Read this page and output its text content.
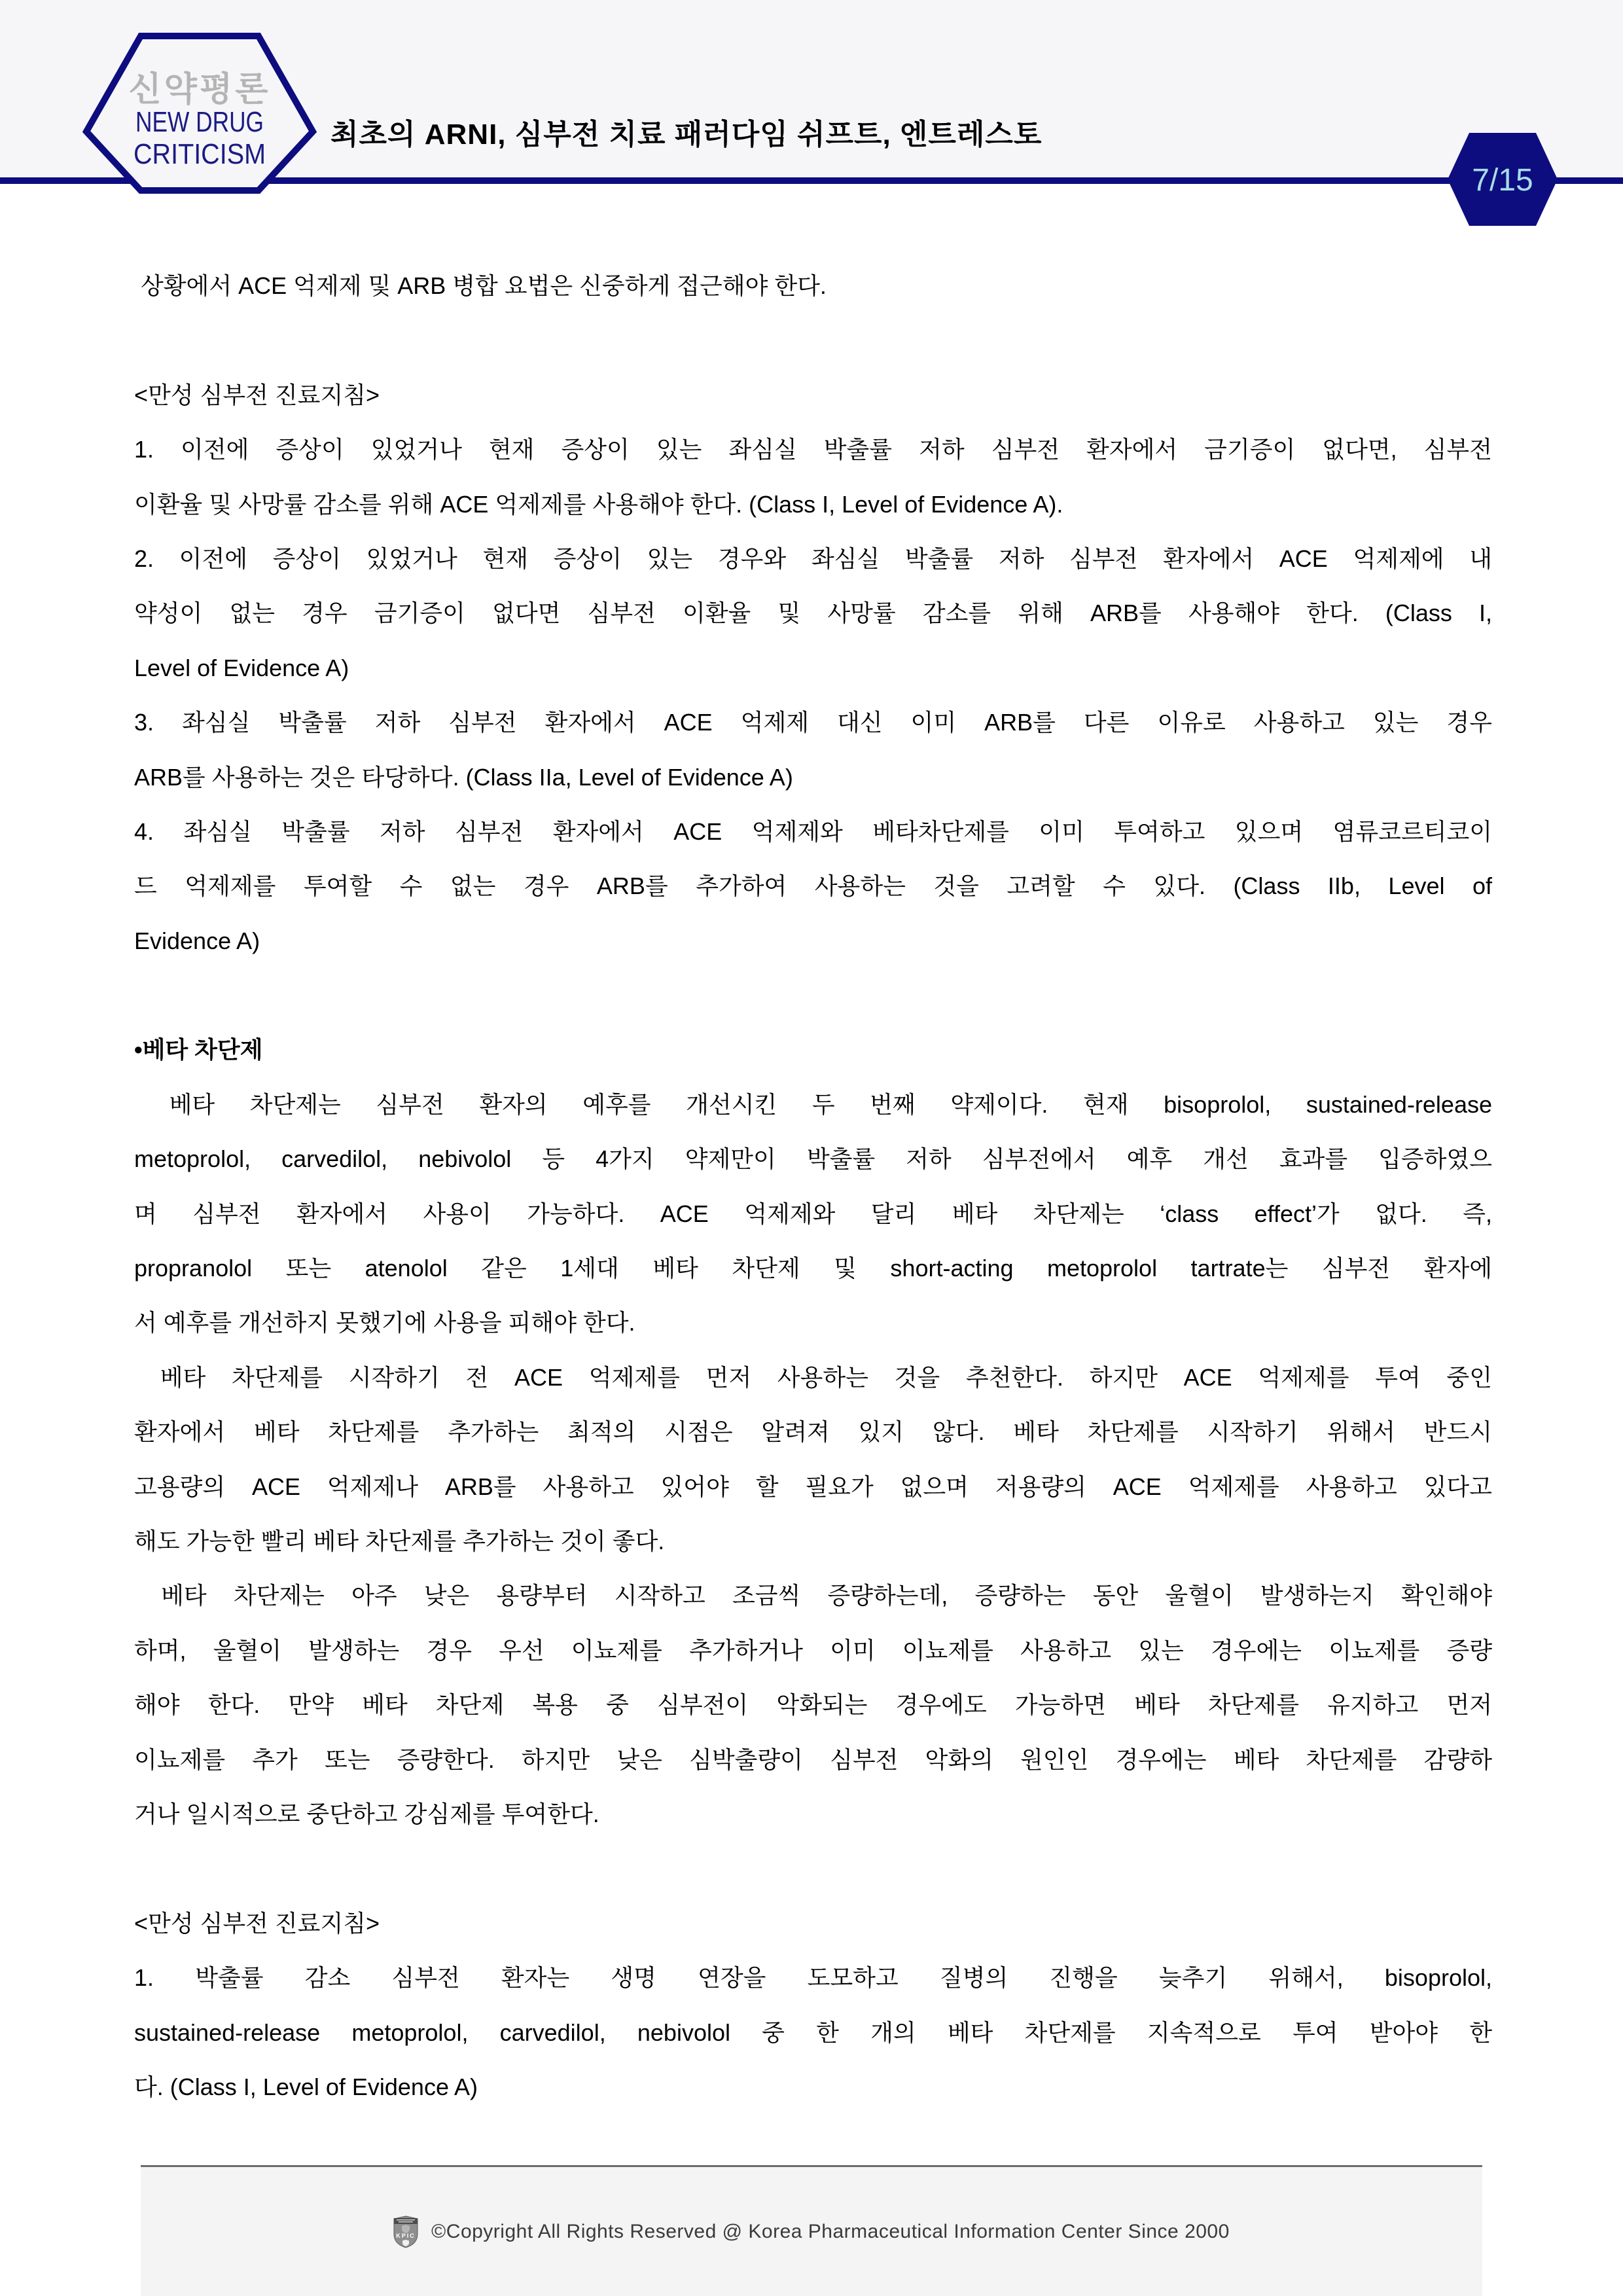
신약평론
NEW DRUG
CRITICISM
최초의 ARNI, 심부전 치료 패러다임 쉬프트, 엔트레스토
7/15
상황에서 ACE 억제제 및 ARB 병합 요법은 신중하게 접근해야 한다.

<만성 심부전 진료지침>
1. 이전에 증상이 있었거나 현재 증상이 있는 좌심실 박출률 저하 심부전 환자에서 금기증이 없다면, 심부전
이환율 및 사망률 감소를 위해 ACE 억제제를 사용해야 한다. (Class I, Level of Evidence A).
2. 이전에 증상이 있었거나 현재 증상이 있는 경우와 좌심실 박출률 저하 심부전 환자에서 ACE 억제제에 내
약성이 없는 경우 금기증이 없다면 심부전 이환율 및 사망률 감소를 위해 ARB를 사용해야 한다. (Class I,
Level of Evidence A)
3. 좌심실 박출률 저하 심부전 환자에서 ACE 억제제 대신 이미 ARB를 다른 이유로 사용하고 있는 경우
ARB를 사용하는 것은 타당하다. (Class IIa, Level of Evidence A)
4. 좌심실 박출률 저하 심부전 환자에서 ACE 억제제와 베타차단제를 이미 투여하고 있으며 염류코르티코이
드 억제제를 투여할 수 없는 경우 ARB를 추가하여 사용하는 것을 고려할 수 있다. (Class IIb, Level of
Evidence A)

•베타 차단제
베타 차단제는 심부전 환자의 예후를 개선시킨 두 번째 약제이다. 현재 bisoprolol, sustained-release
metoprolol, carvedilol, nebivolol 등 4가지 약제만이 박출률 저하 심부전에서 예후 개선 효과를 입증하였으
며 심부전 환자에서 사용이 가능하다. ACE 억제제와 달리 베타 차단제는 ‘class effect’가 없다. 즉,
propranolol 또는 atenolol 같은 1세대 베타 차단제 및 short-acting metoprolol tartrate는 심부전 환자에
서 예후를 개선하지 못했기에 사용을 피해야 한다.
베타 차단제를 시작하기 전 ACE 억제제를 먼저 사용하는 것을 추천한다. 하지만 ACE 억제제를 투여 중인
환자에서 베타 차단제를 추가하는 최적의 시점은 알려져 있지 않다. 베타 차단제를 시작하기 위해서 반드시
고용량의 ACE 억제제나 ARB를 사용하고 있어야 할 필요가 없으며 저용량의 ACE 억제제를 사용하고 있다고
해도 가능한 빨리 베타 차단제를 추가하는 것이 좋다.
베타 차단제는 아주 낮은 용량부터 시작하고 조금씩 증량하는데, 증량하는 동안 울혈이 발생하는지 확인해야
하며, 울혈이 발생하는 경우 우선 이뇨제를 추가하거나 이미 이뇨제를 사용하고 있는 경우에는 이뇨제를 증량
해야 한다. 만약 베타 차단제 복용 중 심부전이 악화되는 경우에도 가능하면 베타 차단제를 유지하고 먼저
이뇨제를 추가 또는 증량한다. 하지만 낮은 심박출량이 심부전 악화의 원인인 경우에는 베타 차단제를 감량하
거나 일시적으로 중단하고 강심제를 투여한다.

<만성 심부전 진료지침>
1. 박출률 감소 심부전 환자는 생명 연장을 도모하고 질병의 진행을 늦추기 위해서, bisoprolol,
sustained-release metoprolol, carvedilol, nebivolol 중 한 개의 베타 차단제를 지속적으로 투여 받아야 한
다. (Class I, Level of Evidence A)
KPIC ©Copyright All Rights Reserved @ Korea Pharmaceutical Information Center Since 2000
